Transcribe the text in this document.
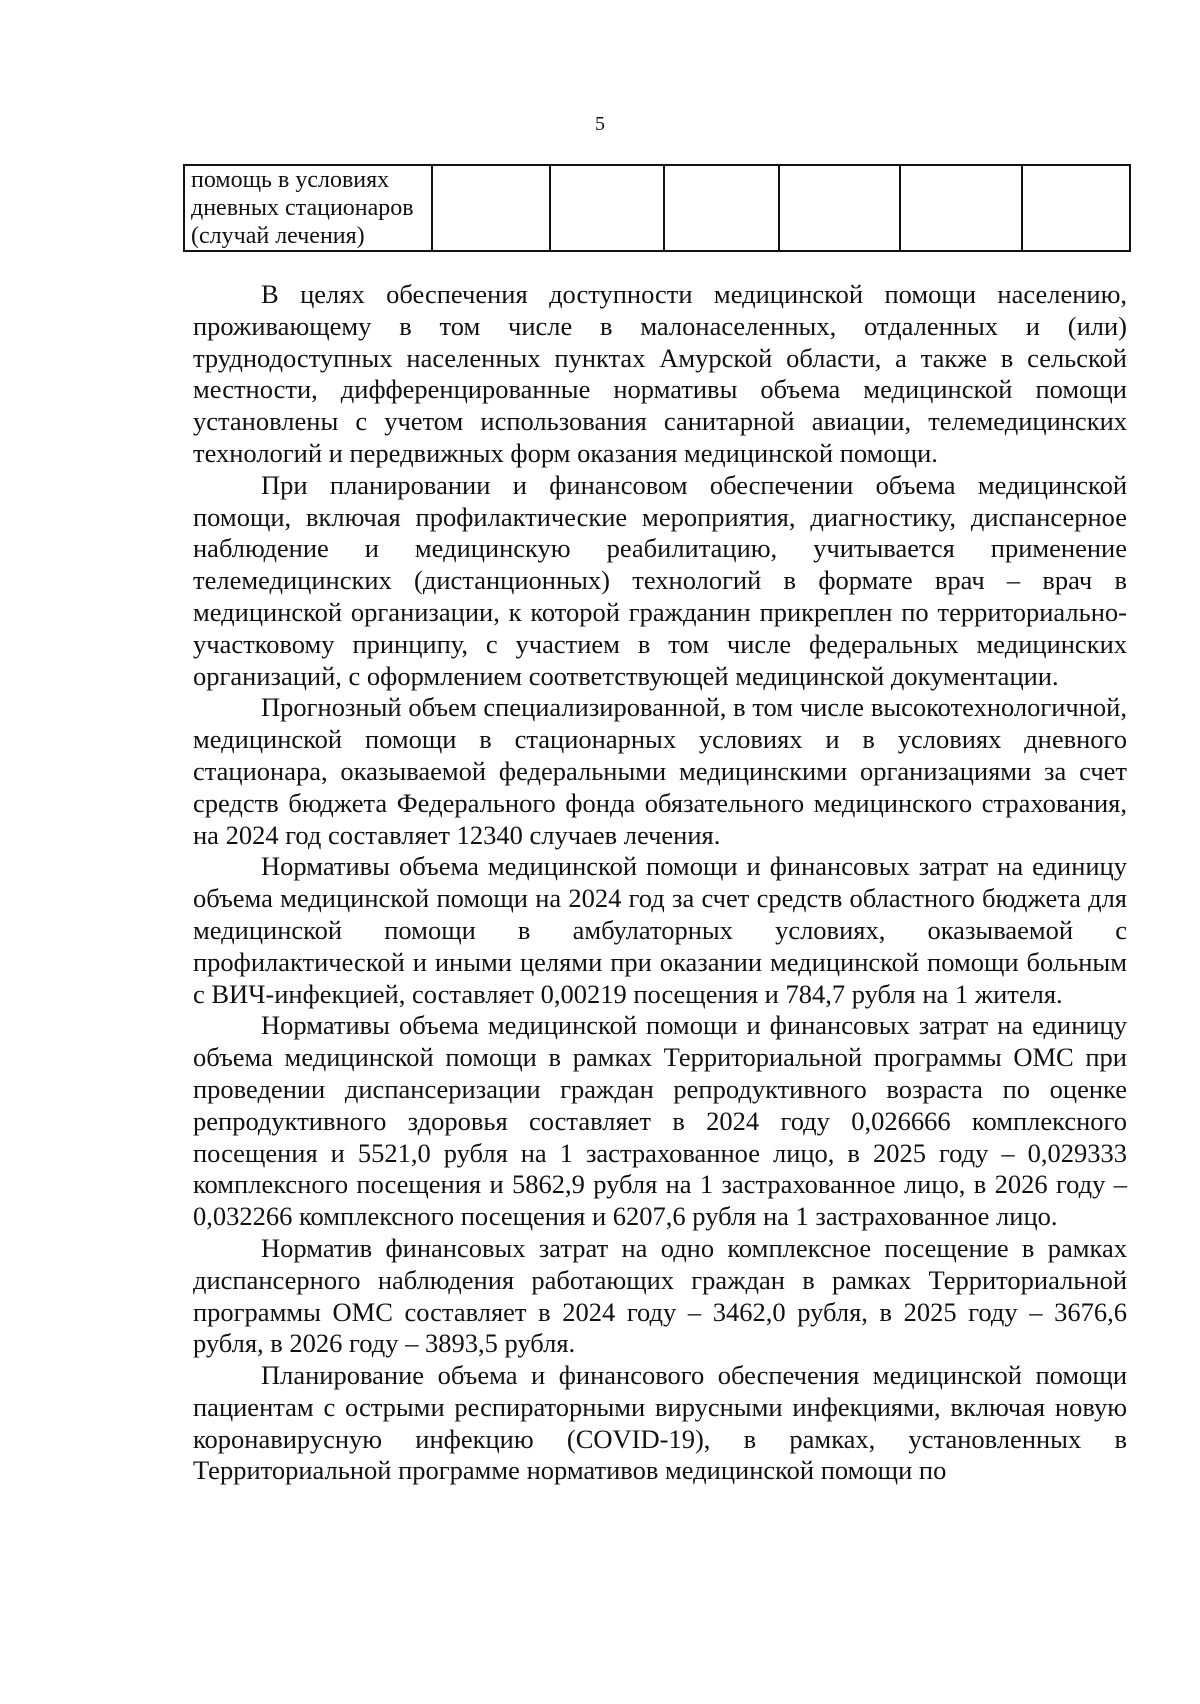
5
помощь в условиях
дневных стационаров
(случай лечения)						

В целях обеспечения доступности медицинской помощи населению, проживающему в том числе в малонаселенных, отдаленных и (или) труднодоступных населенных пунктах Амурской области, а также в сельской местности, дифференцированные нормативы объема медицинской помощи установлены с учетом использования санитарной авиации, телемедицинских технологий и передвижных форм оказания медицинской помощи.

При планировании и финансовом обеспечении объема медицинской помощи, включая профилактические мероприятия, диагностику, диспансерное наблюдение и медицинскую реабилитацию, учитывается применение телемедицинских (дистанционных) технологий в формате врач – врач в медицинской организации, к которой гражданин прикреплен по территориально-участковому принципу, с участием в том числе федеральных медицинских организаций, с оформлением соответствующей медицинской документации.

Прогнозный объем специализированной, в том числе высокотехнологичной, медицинской помощи в стационарных условиях и в условиях дневного стационара, оказываемой федеральными медицинскими организациями за счет средств бюджета Федерального фонда обязательного медицинского страхования, на 2024 год составляет 12340 случаев лечения.

Нормативы объема медицинской помощи и финансовых затрат на единицу объема медицинской помощи на 2024 год за счет средств областного бюджета для медицинской помощи в амбулаторных условиях, оказываемой с профилактической и иными целями при оказании медицинской помощи больным с ВИЧ-инфекцией, составляет 0,00219 посещения и 784,7 рубля на 1 жителя.

Нормативы объема медицинской помощи и финансовых затрат на единицу объема медицинской помощи в рамках Территориальной программы ОМС при проведении диспансеризации граждан репродуктивного возраста по оценке репродуктивного здоровья составляет в 2024 году 0,026666 комплексного посещения и 5521,0 рубля на 1 застрахованное лицо, в 2025 году – 0,029333 комплексного посещения и 5862,9 рубля на 1 застрахованное лицо, в 2026 году – 0,032266 комплексного посещения и 6207,6 рубля на 1 застрахованное лицо.

Норматив финансовых затрат на одно комплексное посещение в рамках диспансерного наблюдения работающих граждан в рамках Территориальной программы ОМС составляет в 2024 году – 3462,0 рубля, в 2025 году – 3676,6 рубля, в 2026 году – 3893,5 рубля.

Планирование объема и финансового обеспечения медицинской помощи пациентам с острыми респираторными вирусными инфекциями, включая новую коронавирусную инфекцию (COVID-19), в рамках, установленных в Территориальной программе нормативов медицинской помощи по
